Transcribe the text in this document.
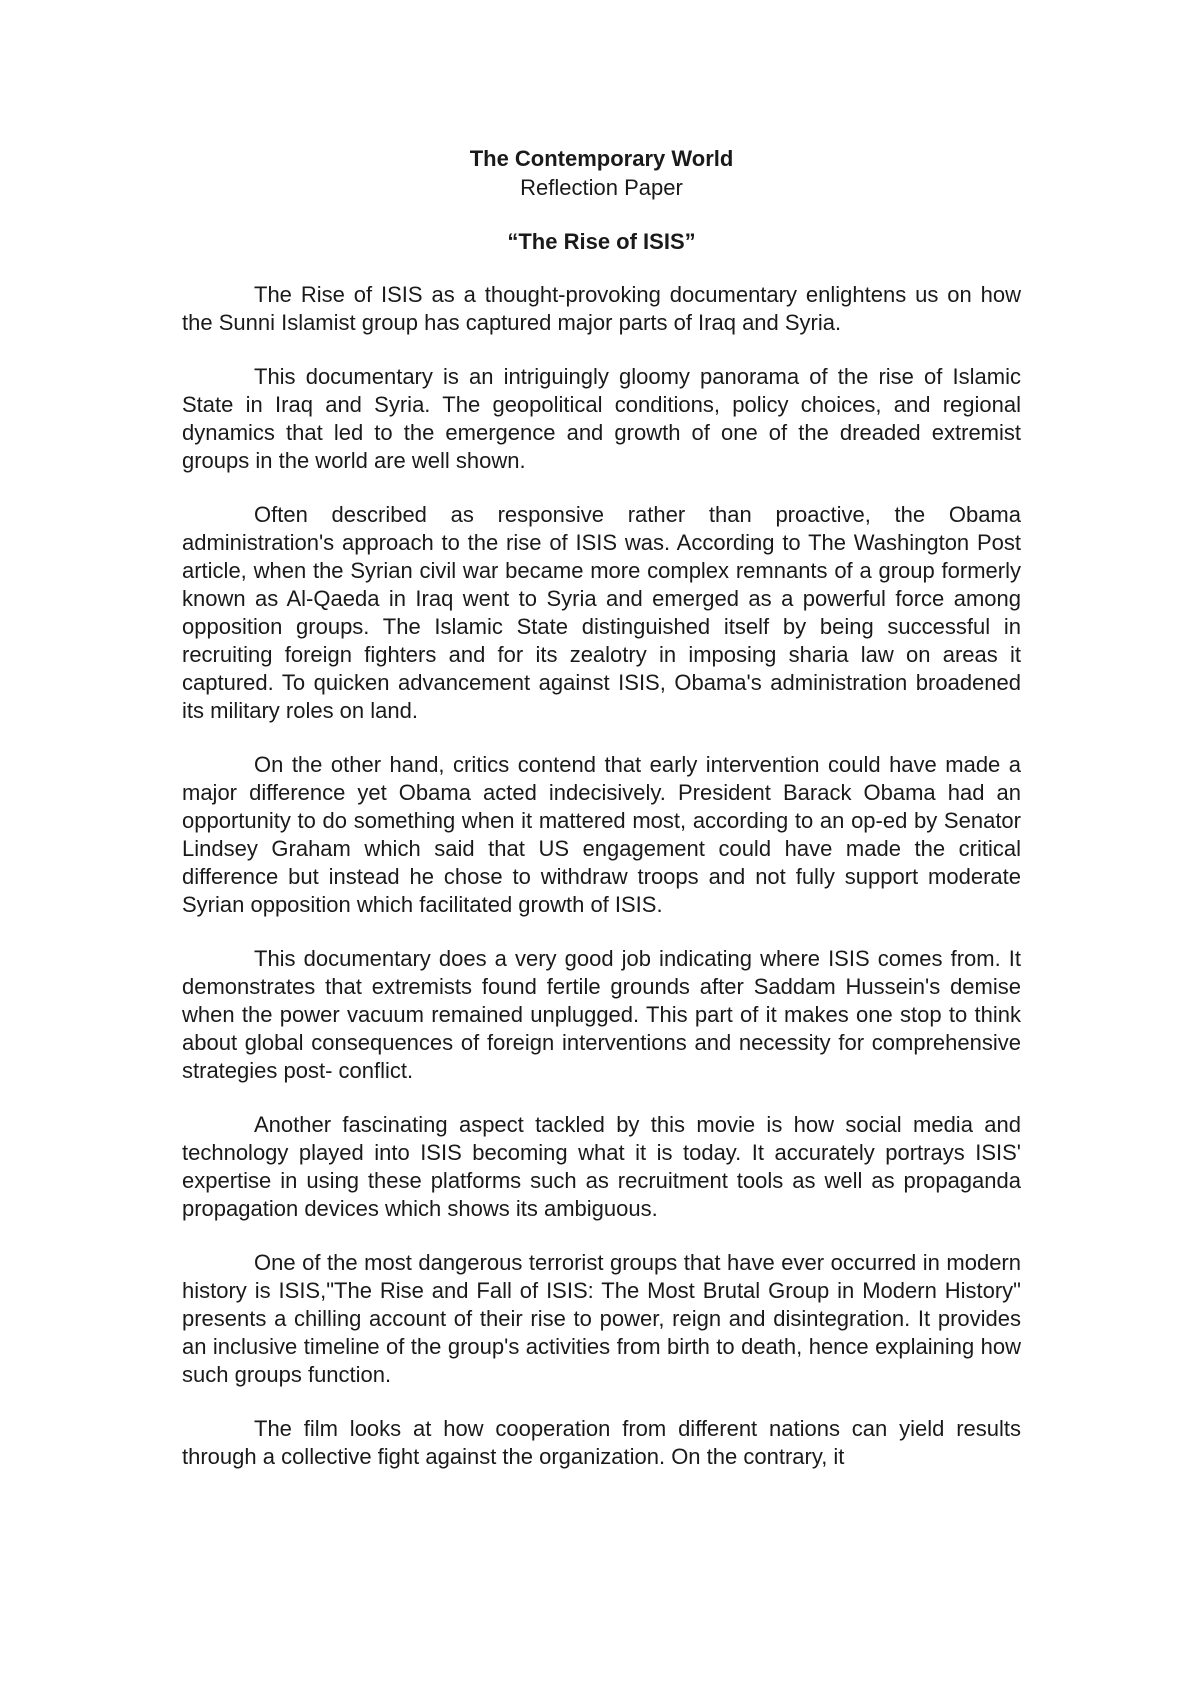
The Contemporary World

Reflection Paper

“The Rise of ISIS”

The Rise of ISIS as a thought-provoking documentary enlightens us on how the Sunni Islamist group has captured major parts of Iraq and Syria.

This documentary is an intriguingly gloomy panorama of the rise of Islamic State in Iraq and Syria. The geopolitical conditions, policy choices, and regional dynamics that led to the emergence and growth of one of the dreaded extremist groups in the world are well shown.

Often described as responsive rather than proactive, the Obama administration's approach to the rise of ISIS was. According to The Washington Post article, when the Syrian civil war became more complex remnants of a group formerly known as Al-Qaeda in Iraq went to Syria and emerged as a powerful force among opposition groups. The Islamic State distinguished itself by being successful in recruiting foreign fighters and for its zealotry in imposing sharia law on areas it captured. To quicken advancement against ISIS, Obama's administration broadened its military roles on land.

On the other hand, critics contend that early intervention could have made a major difference yet Obama acted indecisively. President Barack Obama had an opportunity to do something when it mattered most, according to an op-ed by Senator Lindsey Graham which said that US engagement could have made the critical difference but instead he chose to withdraw troops and not fully support moderate Syrian opposition which facilitated growth of ISIS.

This documentary does a very good job indicating where ISIS comes from. It demonstrates that extremists found fertile grounds after Saddam Hussein's demise when the power vacuum remained unplugged. This part of it makes one stop to think about global consequences of foreign interventions and necessity for comprehensive strategies post- conflict.

Another fascinating aspect tackled by this movie is how social media and technology played into ISIS becoming what it is today. It accurately portrays ISIS' expertise in using these platforms such as recruitment tools as well as propaganda propagation devices which shows its ambiguous.

One of the most dangerous terrorist groups that have ever occurred in modern history is ISIS,"The Rise and Fall of ISIS: The Most Brutal Group in Modern History" presents a chilling account of their rise to power, reign and disintegration. It provides an inclusive timeline of the group's activities from birth to death, hence explaining how such groups function.

The film looks at how cooperation from different nations can yield results through a collective fight against the organization. On the contrary, it
